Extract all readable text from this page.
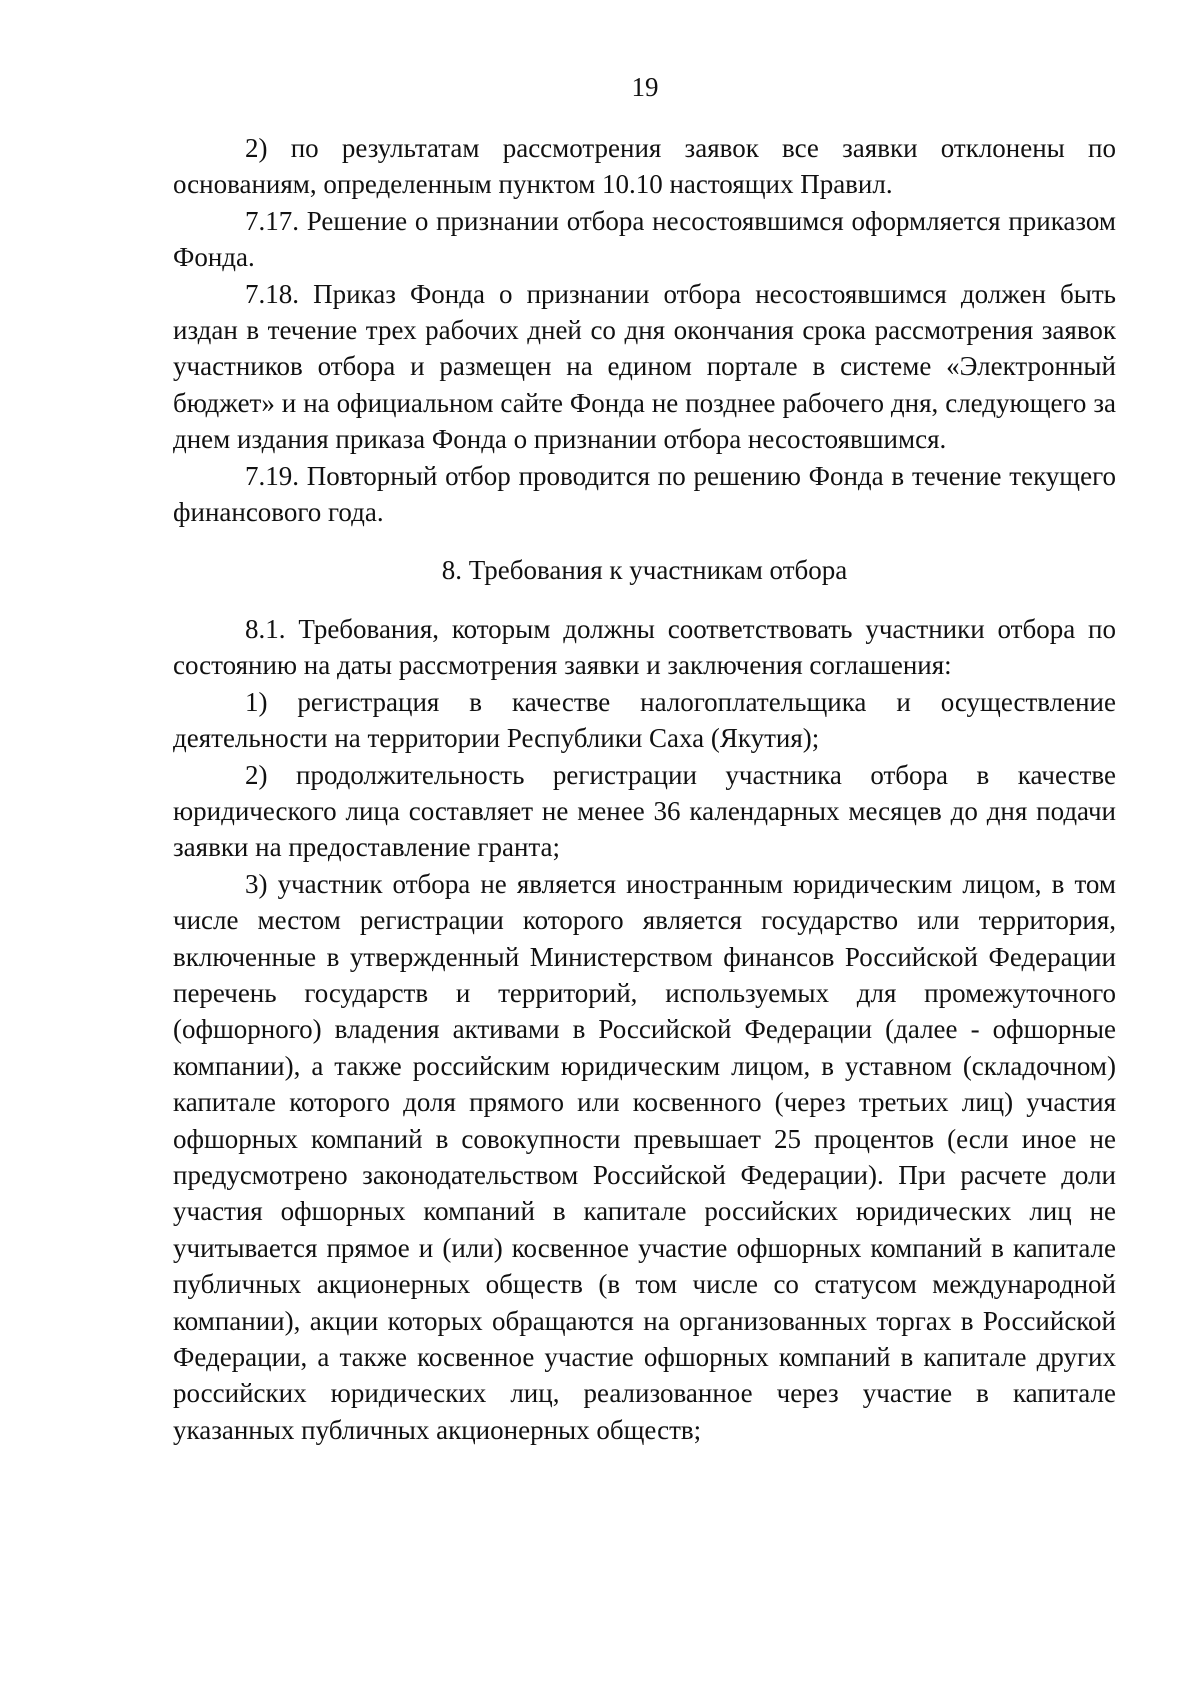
19

2) по результатам рассмотрения заявок все заявки отклонены по основаниям, определенным пунктом 10.10 настоящих Правил.

7.17. Решение о признании отбора несостоявшимся оформляется приказом Фонда.

7.18. Приказ Фонда о признании отбора несостоявшимся должен быть издан в течение трех рабочих дней со дня окончания срока рассмотрения заявок участников отбора и размещен на едином портале в системе «Электронный бюджет» и на официальном сайте Фонда не позднее рабочего дня, следующего за днем издания приказа Фонда о признании отбора несостоявшимся.

7.19. Повторный отбор проводится по решению Фонда в течение текущего финансового года.

8. Требования к участникам отбора

8.1. Требования, которым должны соответствовать участники отбора по состоянию на даты рассмотрения заявки и заключения соглашения:

1) регистрация в качестве налогоплательщика и осуществление деятельности на территории Республики Саха (Якутия);

2) продолжительность регистрации участника отбора в качестве юридического лица составляет не менее 36 календарных месяцев до дня подачи заявки на предоставление гранта;

3) участник отбора не является иностранным юридическим лицом, в том числе местом регистрации которого является государство или территория, включенные в утвержденный Министерством финансов Российской Федерации перечень государств и территорий, используемых для промежуточного (офшорного) владения активами в Российской Федерации (далее - офшорные компании), а также российским юридическим лицом, в уставном (складочном) капитале которого доля прямого или косвенного (через третьих лиц) участия офшорных компаний в совокупности превышает 25 процентов (если иное не предусмотрено законодательством Российской Федерации). При расчете доли участия офшорных компаний в капитале российских юридических лиц не учитывается прямое и (или) косвенное участие офшорных компаний в капитале публичных акционерных обществ (в том числе со статусом международной компании), акции которых обращаются на организованных торгах в Российской Федерации, а также косвенное участие офшорных компаний в капитале других российских юридических лиц, реализованное через участие в капитале указанных публичных акционерных обществ;
